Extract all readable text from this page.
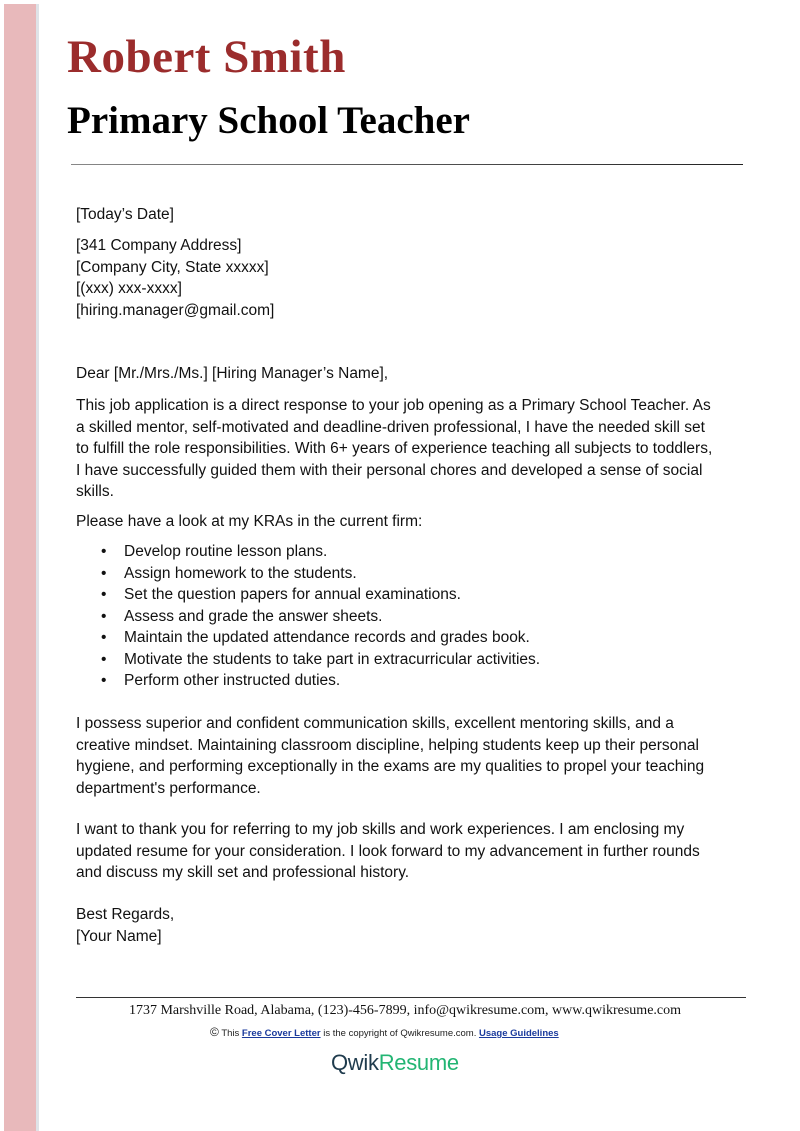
Robert Smith
Primary School Teacher
[Today’s Date]
[341 Company Address]
[Company City, State xxxxx]
[(xxx) xxx-xxxx]
[hiring.manager@gmail.com]
Dear [Mr./Mrs./Ms.] [Hiring Manager’s Name],
This job application is a direct response to your job opening as a Primary School Teacher. As
a skilled mentor, self-motivated and deadline-driven professional, I have the needed skill set
to fulfill the role responsibilities. With 6+ years of experience teaching all subjects to toddlers,
I have successfully guided them with their personal chores and developed a sense of social
skills.
Please have a look at my KRAs in the current firm:
• Develop routine lesson plans.
• Assign homework to the students.
• Set the question papers for annual examinations.
• Assess and grade the answer sheets.
• Maintain the updated attendance records and grades book.
• Motivate the students to take part in extracurricular activities.
• Perform other instructed duties.
I possess superior and confident communication skills, excellent mentoring skills, and a
creative mindset. Maintaining classroom discipline, helping students keep up their personal
hygiene, and performing exceptionally in the exams are my qualities to propel your teaching
department's performance.
I want to thank you for referring to my job skills and work experiences. I am enclosing my
updated resume for your consideration. I look forward to my advancement in further rounds
and discuss my skill set and professional history.
Best Regards,
[Your Name]
1737 Marshville Road, Alabama, (123)-456-7899, info@qwikresume.com, www.qwikresume.com
© This Free Cover Letter is the copyright of Qwikresume.com. Usage Guidelines
QwikResume
